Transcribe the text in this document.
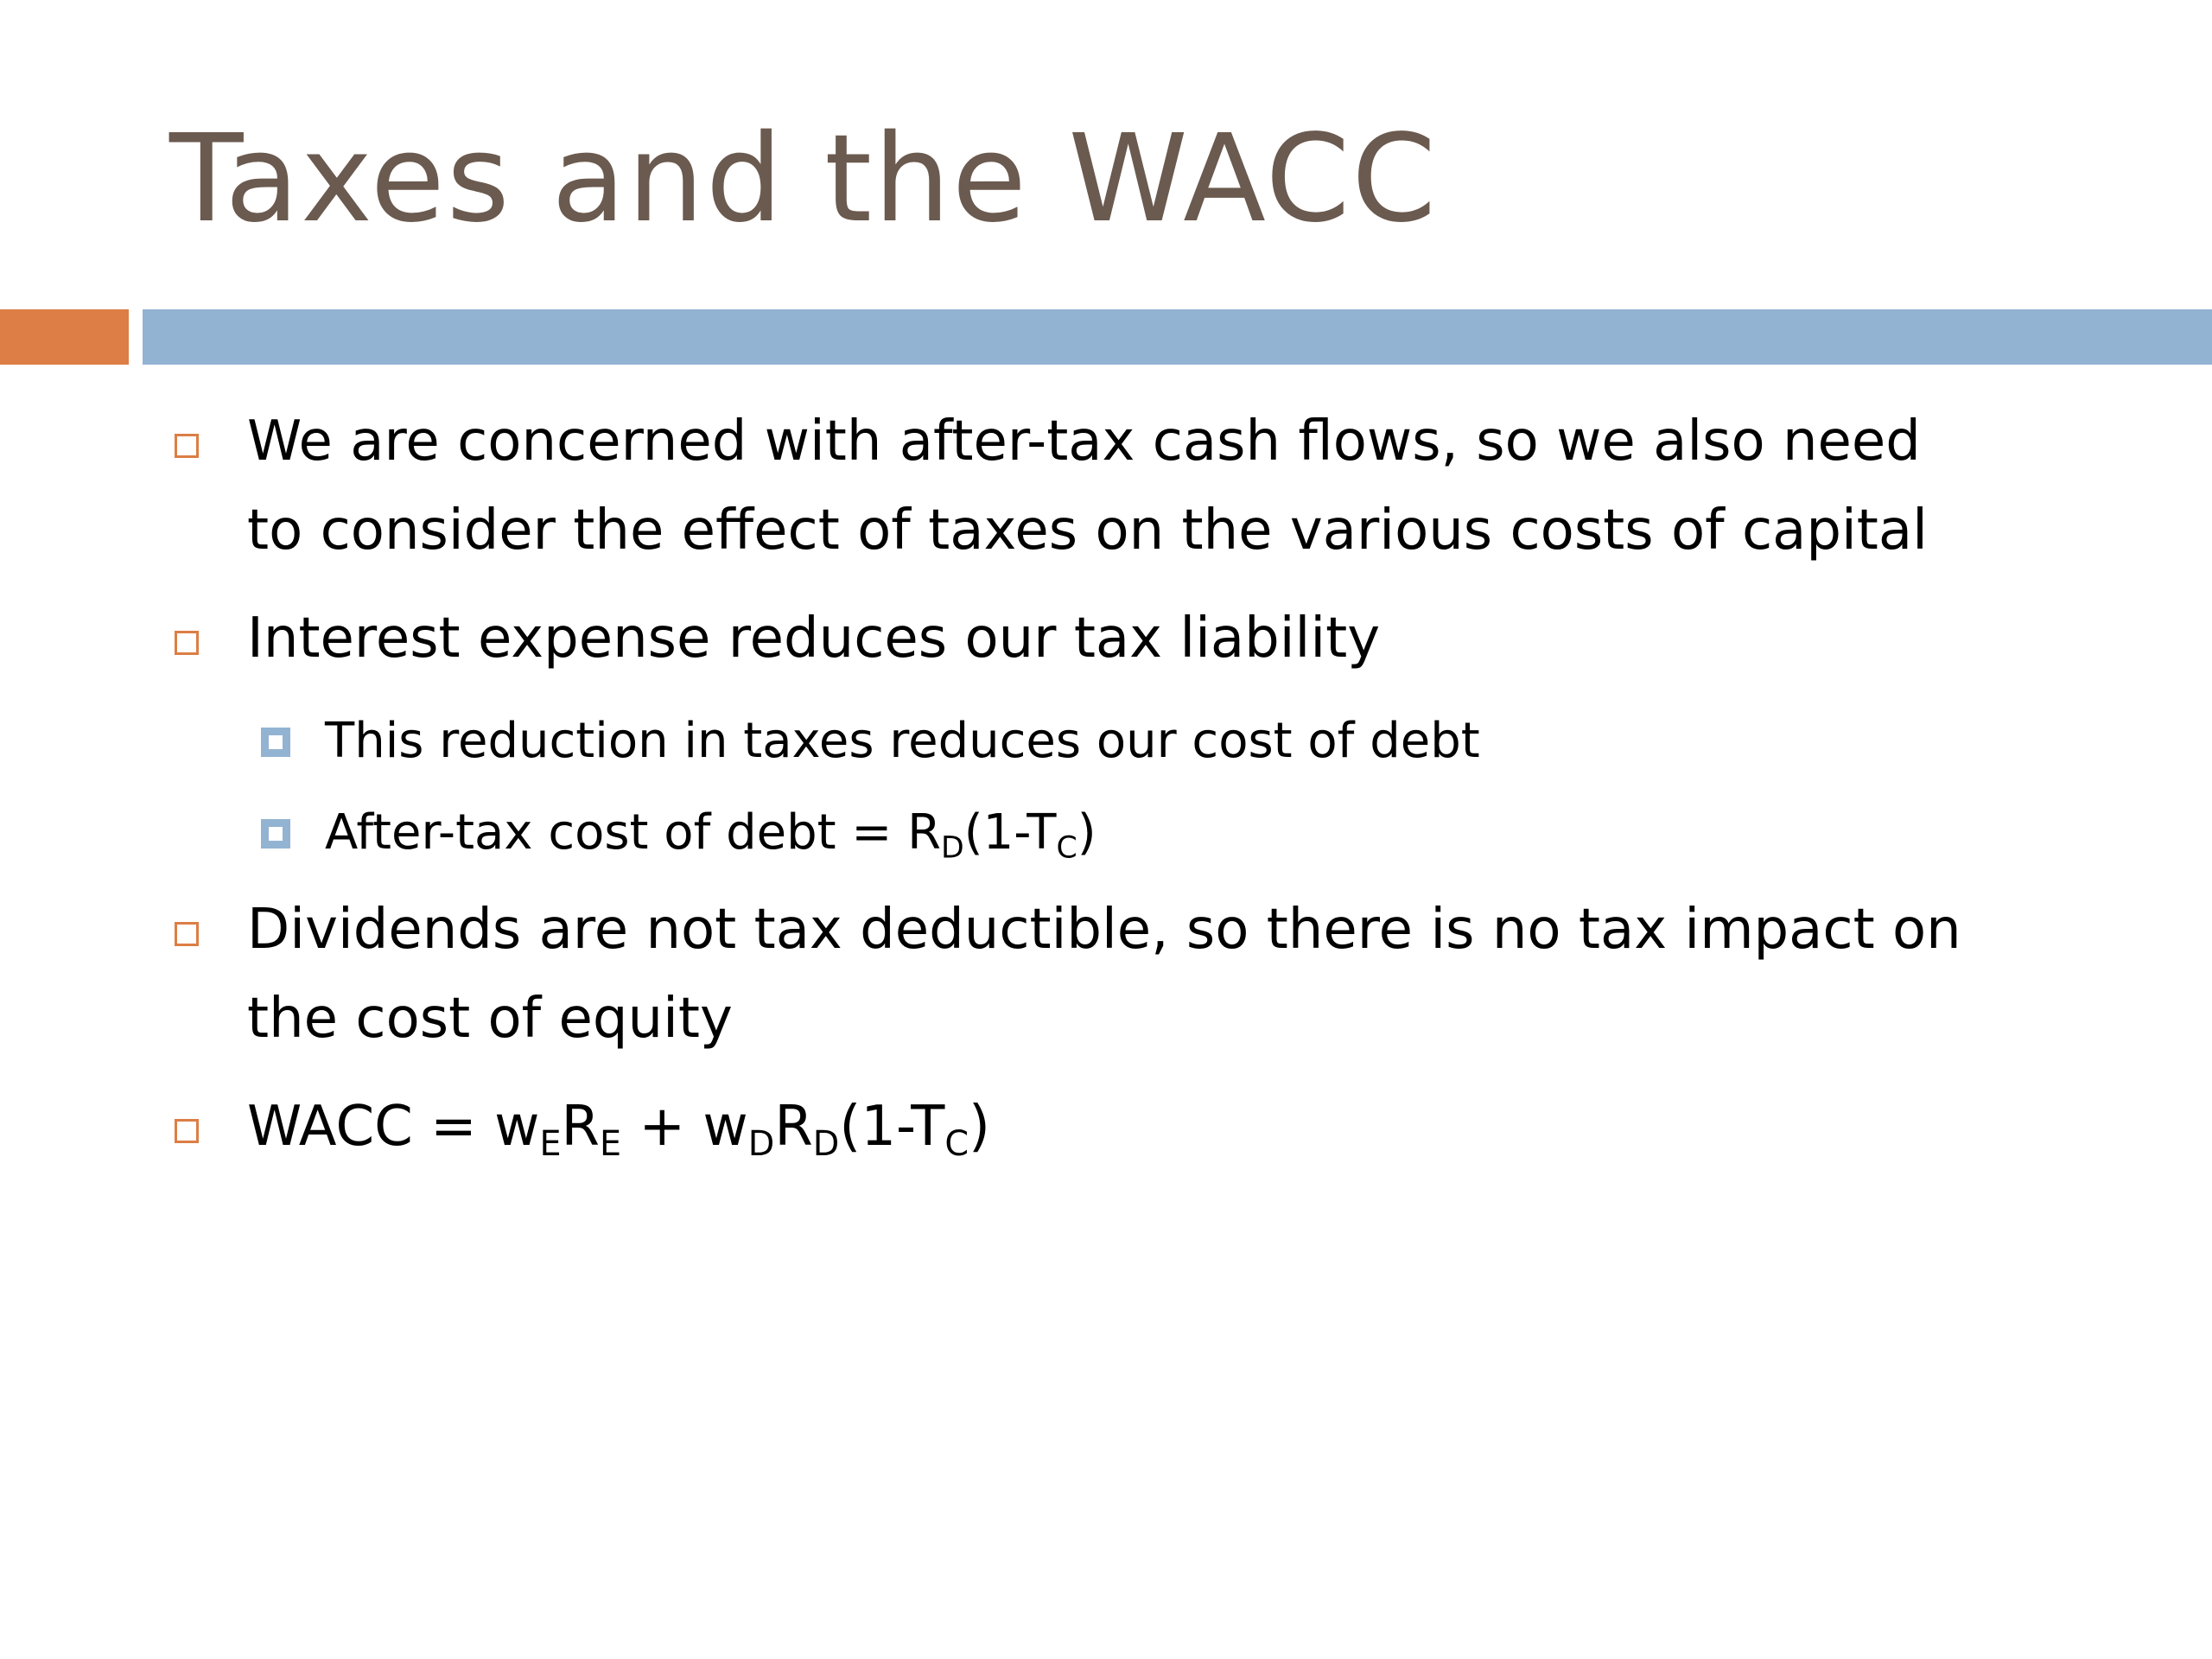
Taxes and the WACC
We are concerned with after-tax cash flows, so we also need
to consider the effect of taxes on the various costs of capital
Interest expense reduces our tax liability
This reduction in taxes reduces our cost of debt
After-tax cost of debt = $R_D(1-T_C)$
Dividends are not tax deductible, so there is no tax impact on
the cost of equity
WACC = $w_ER_E + w_DR_D(1-T_C)$
